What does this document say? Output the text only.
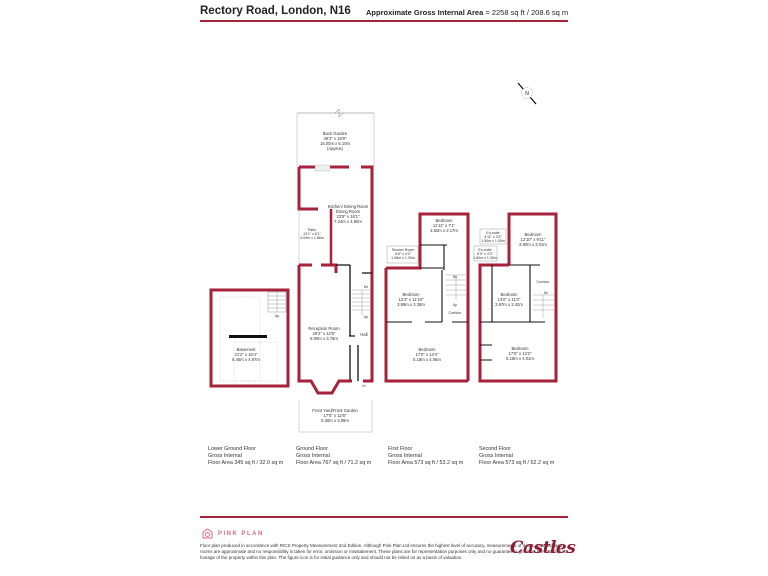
Rectory Road, London, N16 Approximate Gross Internal Area = 2258 sq ft / 208.6 sq m
N
Up
Basement
21'2" x 16'4"
6.45m x 4.97m
Back Garden
49'3" x 16'9"
15.00m x 5.10m
(Approx)
Kitchen/ Dining Room
Dining Room
23'9" x 16'1"
7.24m x 4.90m
Patio
13'1" x 6'1"
4.00m x 1.86m
Dn
Up
Hall
In
Reception Room
29'2" x 12'5"
8.90m x 3.78m
Front Yard/Front Garden
17'5" x 12'8"
5.30m x 3.86m
Dn
Up
Bedroom
11'11" x 7'1"
3.60m x 2.17m
Shower Room
6'6" x 4'3"
1.98m x 1.30m
Bedroom
12'3" x 11'10"
3.99m x 3.38m
Corridor
Bedroom
17'0" x 13'4"
5.18m x 4.06m
Dn
En-suite
4'11" x 3'3"
1.50m x 1.00m
En-suite
6'0" x 4'3"
1.80m x 1.30m
Bedroom
12'10" x 9'11"
3.90m x 3.01m
Corridor
Bedroom
13'0" x 11'3"
3.97m x 3.42m
Bedroom
17'0" x 13'2"
5.18m x 4.01m
Lower Ground Floor
Gross Internal
Floor Area 345 sq ft / 32.0 sq m
Ground Floor
Gross Internal
Floor Area 767 sq ft / 71.2 sq m
First Floor
Gross Internal
Floor Area 573 sq ft / 53.2 sq m
Second Floor
Gross Internal
Floor Area 573 sq ft / 52.2 sq m
PINK PLAN
Floor plan produced in accordance with RICS Property Measurement 2nd Edition. Although Pink Plan Ltd ensures the highest level of accuracy, measurements of doors, windows and rooms are approximate and no responsibility is taken for error, omission or misstatement. These plans are for representation purposes only and no guarantee is given on the total square footage of the property within this plan. The figure icon is for initial guidance only and should not be relied on as a basis of valuation.	Castles
